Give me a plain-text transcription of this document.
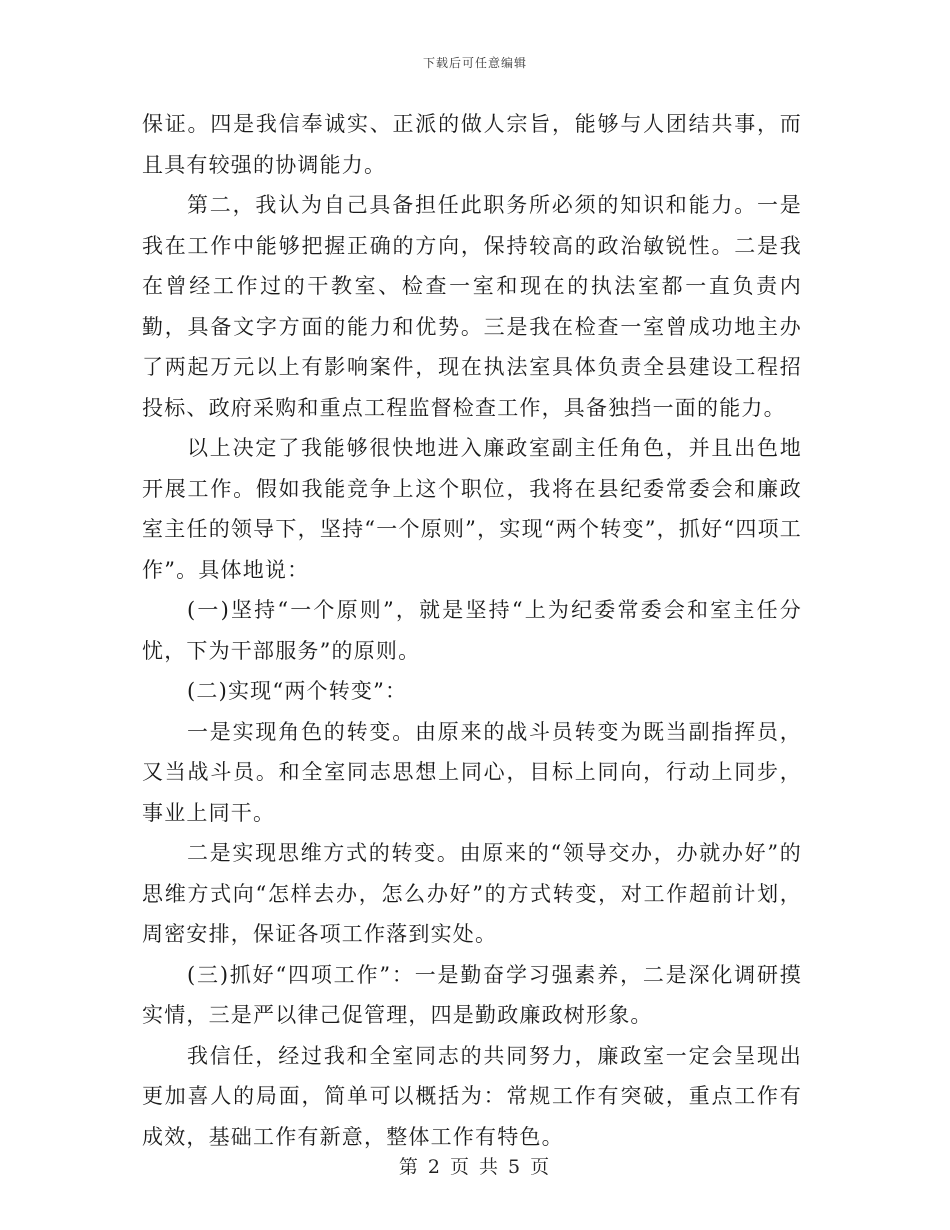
下载后可任意编辑

保证。四是我信奉诚实、正派的做人宗旨，能够与人团结共事，而且具有较强的协调能力。

第二，我认为自己具备担任此职务所必须的知识和能力。一是我在工作中能够把握正确的方向，保持较高的政治敏锐性。二是我在曾经工作过的干教室、检查一室和现在的执法室都一直负责内勤，具备文字方面的能力和优势。三是我在检查一室曾成功地主办了两起万元以上有影响案件，现在执法室具体负责全县建设工程招投标、政府采购和重点工程监督检查工作，具备独挡一面的能力。

以上决定了我能够很快地进入廉政室副主任角色，并且出色地开展工作。假如我能竞争上这个职位，我将在县纪委常委会和廉政室主任的领导下，坚持“一个原则”，实现“两个转变”，抓好“四项工作”。具体地说：

(一)坚持“一个原则”，就是坚持“上为纪委常委会和室主任分忧，下为干部服务”的原则。

(二)实现“两个转变”：

一是实现角色的转变。由原来的战斗员转变为既当副指挥员，又当战斗员。和全室同志思想上同心，目标上同向，行动上同步，事业上同干。

二是实现思维方式的转变。由原来的“领导交办，办就办好”的思维方式向“怎样去办，怎么办好”的方式转变，对工作超前计划，周密安排，保证各项工作落到实处。

(三)抓好“四项工作”：一是勤奋学习强素养，二是深化调研摸实情，三是严以律己促管理，四是勤政廉政树形象。

我信任，经过我和全室同志的共同努力，廉政室一定会呈现出更加喜人的局面，简单可以概括为：常规工作有突破，重点工作有成效，基础工作有新意，整体工作有特色。

第 2 页 共 5 页
